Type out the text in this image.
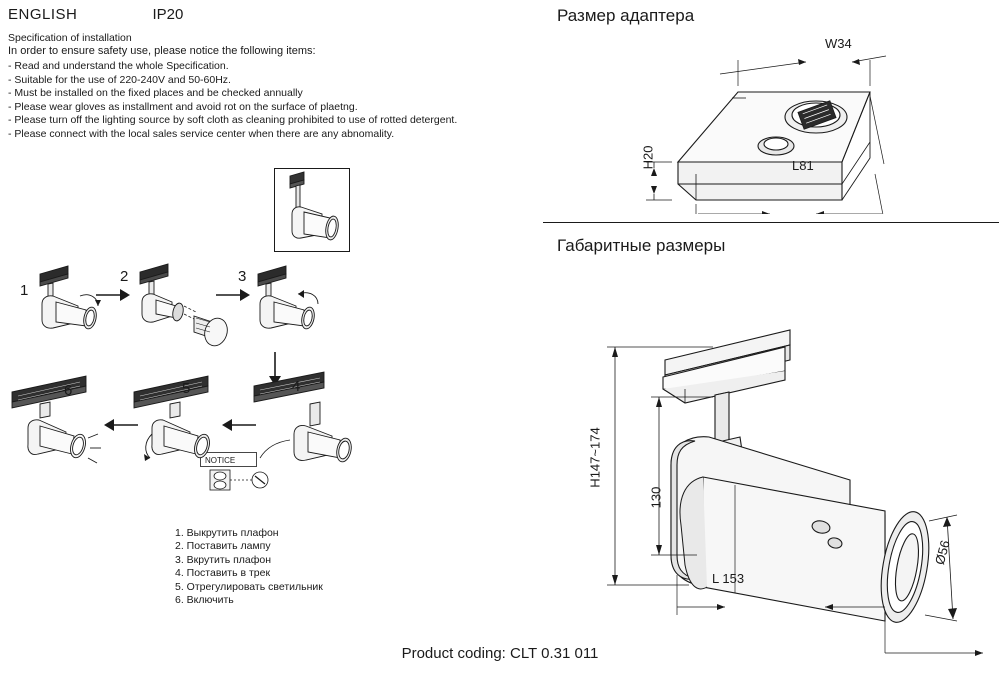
ENGLISH	IP20
Specification of installation
In order to ensure safety use, please notice the following items:
- Read and understand the whole Specification.
- Suitable for the use of 220-240V and 50-60Hz.
- Must be installed on the fixed places and be checked annually
- Please wear gloves as installment and avoid rot on the surface of plaetng.
- Please turn off the lighting source by soft cloth as cleaning prohibited to use of rotted detergent.
- Please connect with the local sales service center when there are any abnomality.
Размер адаптера
Габаритные размеры
W34
L81
H20
H147~174
130
L 153
Ø56
1
2	3
4
NOTICE
5
6
1. Выкрутить плафон
2. Поставить лампу
3. Вкрутить плафон
4. Поставить в трек
5. Отрегулировать светильник
6. Включить
Product coding: CLT 0.31 011
